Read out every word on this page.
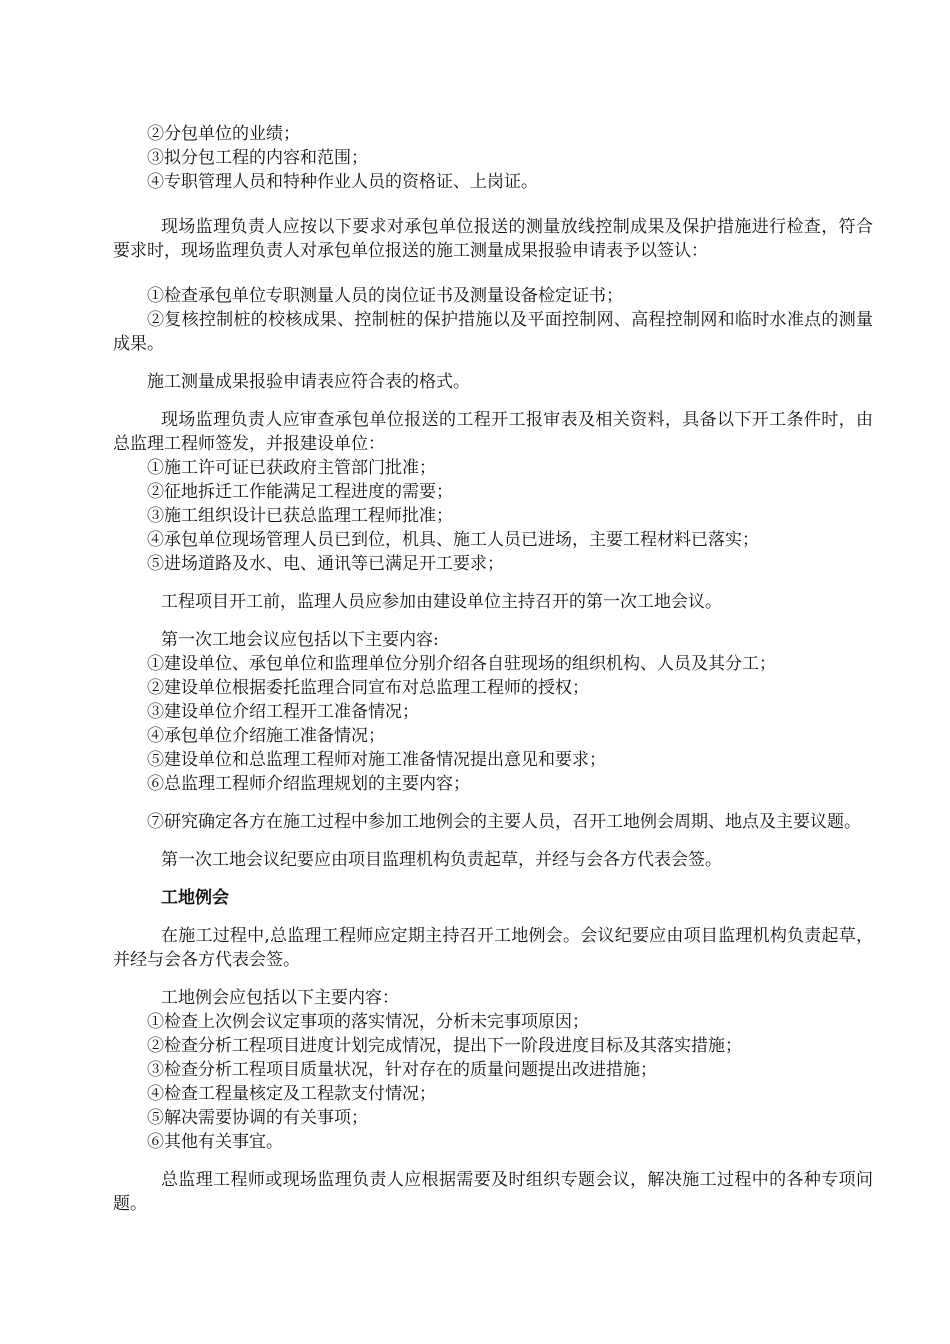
②分包单位的业绩；
③拟分包工程的内容和范围；
④专职管理人员和特种作业人员的资格证、上岗证。

现场监理负责人应按以下要求对承包单位报送的测量放线控制成果及保护措施进行检查，符合要求时，现场监理负责人对承包单位报送的施工测量成果报验申请表予以签认：

①检查承包单位专职测量人员的岗位证书及测量设备检定证书；
②复核控制桩的校核成果、控制桩的保护措施以及平面控制网、高程控制网和临时水准点的测量成果。

施工测量成果报验申请表应符合表的格式。

现场监理负责人应审查承包单位报送的工程开工报审表及相关资料，具备以下开工条件时，由总监理工程师签发，并报建设单位：

①施工许可证已获政府主管部门批准；
②征地拆迁工作能满足工程进度的需要；
③施工组织设计已获总监理工程师批准；
④承包单位现场管理人员已到位，机具、施工人员已进场，主要工程材料已落实；
⑤进场道路及水、电、通讯等已满足开工要求；

工程项目开工前，监理人员应参加由建设单位主持召开的第一次工地会议。

第一次工地会议应包括以下主要内容:

①建设单位、承包单位和监理单位分别介绍各自驻现场的组织机构、人员及其分工；
②建设单位根据委托监理合同宣布对总监理工程师的授权；
③建设单位介绍工程开工准备情况；
④承包单位介绍施工准备情况；
⑤建设单位和总监理工程师对施工准备情况提出意见和要求；
⑥总监理工程师介绍监理规划的主要内容；

⑦研究确定各方在施工过程中参加工地例会的主要人员，召开工地例会周期、地点及主要议题。

第一次工地会议纪要应由项目监理机构负责起草，并经与会各方代表会签。

工地例会

在施工过程中,总监理工程师应定期主持召开工地例会。会议纪要应由项目监理机构负责起草，并经与会各方代表会签。

工地例会应包括以下主要内容：

①检查上次例会议定事项的落实情况，分析未完事项原因；
②检查分析工程项目进度计划完成情况，提出下一阶段进度目标及其落实措施；
③检查分析工程项目质量状况，针对存在的质量问题提出改进措施；
④检查工程量核定及工程款支付情况；
⑤解决需要协调的有关事项；
⑥其他有关事宜。

总监理工程师或现场监理负责人应根据需要及时组织专题会议，解决施工过程中的各种专项问题。
